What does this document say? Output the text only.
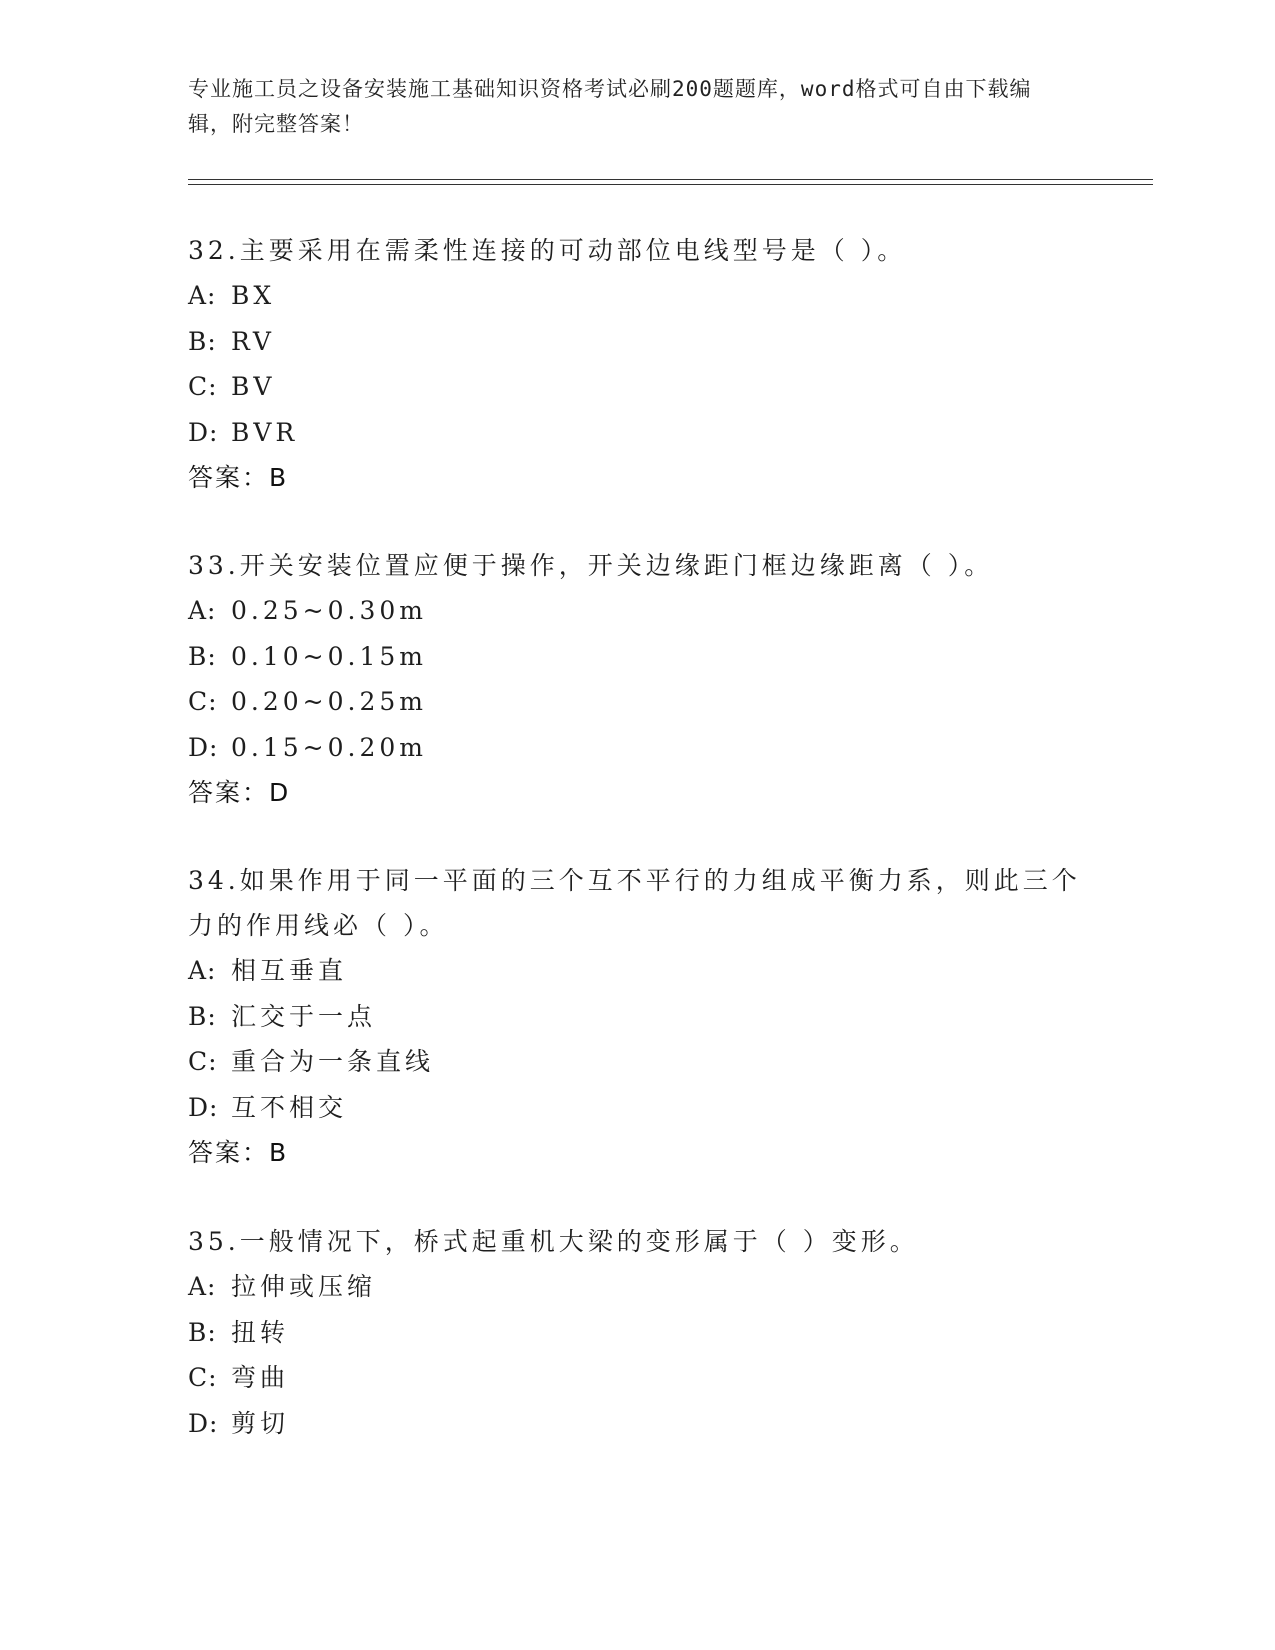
专业施工员之设备安装施工基础知识资格考试必刷200题题库，word格式可自由下载编辑，附完整答案！
32.主要采用在需柔性连接的可动部位电线型号是（ ）。
A: BX
B: RV
C: BV
D: BVR
答案：B
33.开关安装位置应便于操作，开关边缘距门框边缘距离（ ）。
A: 0.25~0.30m
B: 0.10~0.15m
C: 0.20~0.25m
D: 0.15~0.20m
答案：D
34.如果作用于同一平面的三个互不平行的力组成平衡力系，则此三个力的作用线必（ ）。
A: 相互垂直
B: 汇交于一点
C: 重合为一条直线
D: 互不相交
答案：B
35.一般情况下，桥式起重机大梁的变形属于（ ）变形。
A: 拉伸或压缩
B: 扭转
C: 弯曲
D: 剪切
